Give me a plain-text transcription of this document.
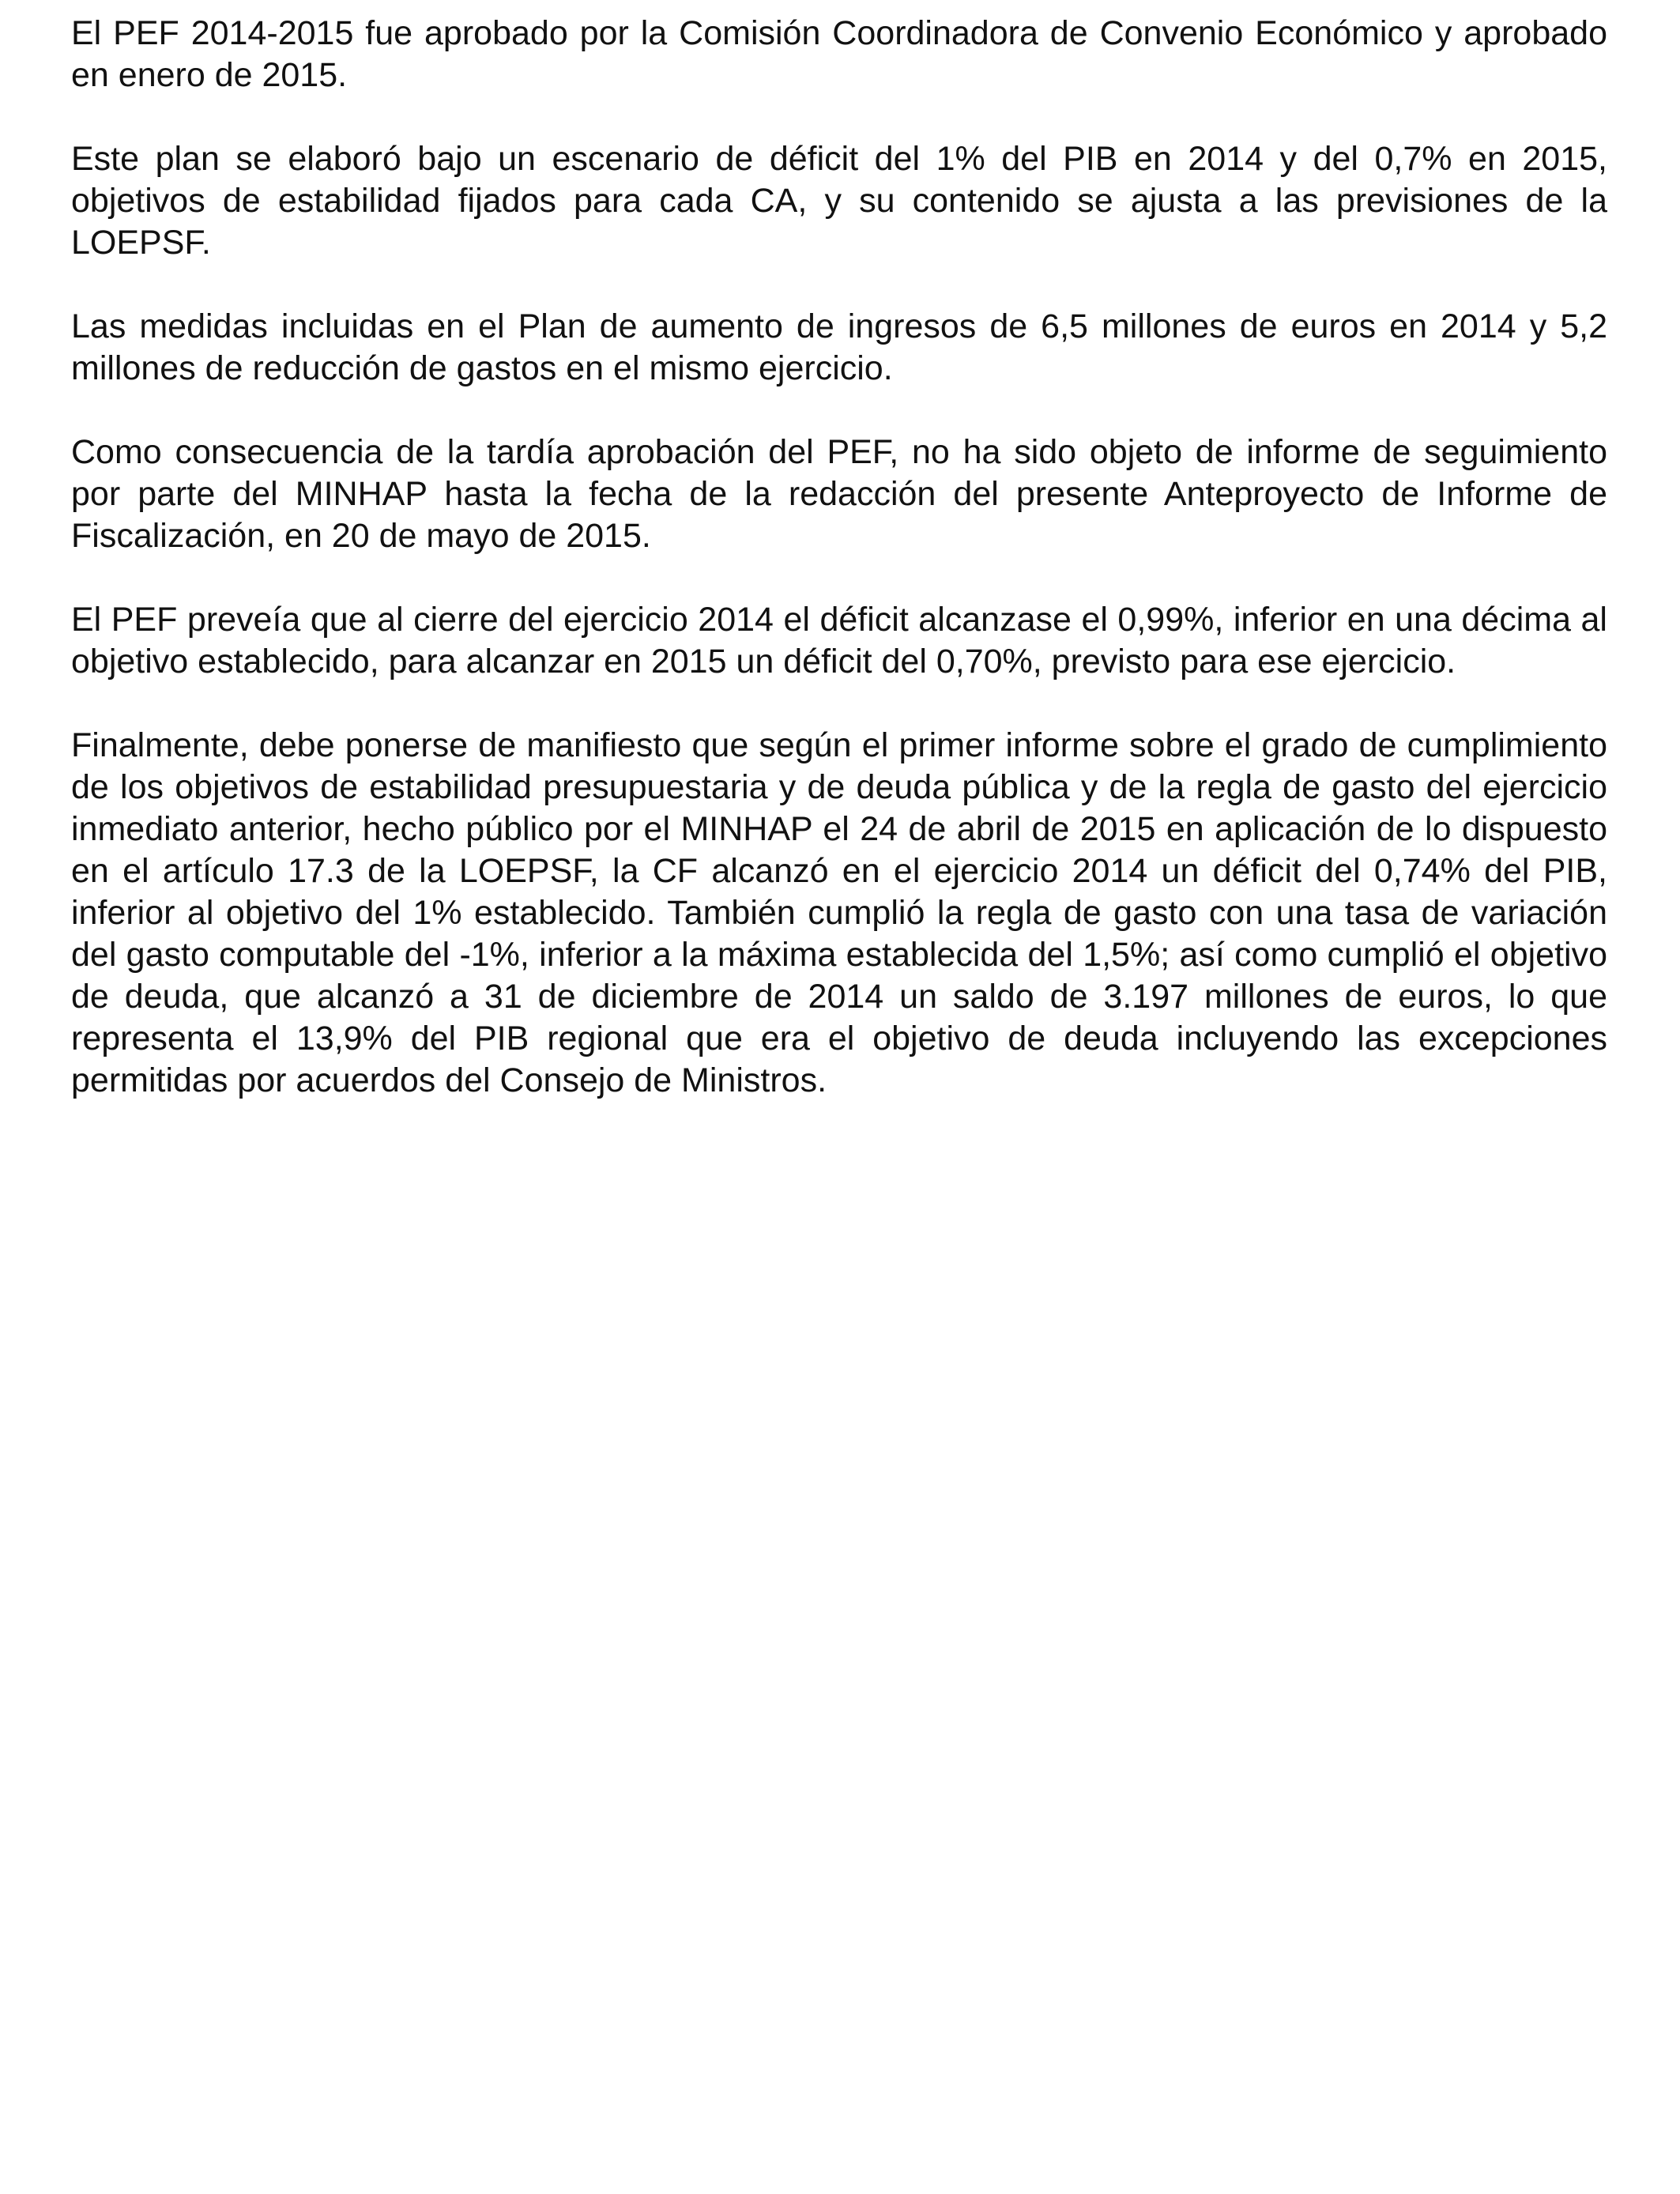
El PEF 2014-2015 fue aprobado por la Comisión Coordinadora de Convenio Económico y aprobado en enero de 2015.

Este plan se elaboró bajo un escenario de déficit del 1% del PIB en 2014 y del 0,7% en 2015, objetivos de estabilidad fijados para cada CA, y su contenido se ajusta a las previsiones de la LOEPSF.

Las medidas incluidas en el Plan de aumento de ingresos de 6,5 millones de euros en 2014 y 5,2 millones de reducción de gastos en el mismo ejercicio.

Como consecuencia de la tardía aprobación del PEF, no ha sido objeto de informe de seguimiento por parte del MINHAP hasta la fecha de la redacción del presente Anteproyecto de Informe de Fiscalización, en 20 de mayo de 2015.

El PEF preveía que al cierre del ejercicio 2014 el déficit alcanzase el 0,99%, inferior en una décima al objetivo establecido, para alcanzar en 2015 un déficit del 0,70%, previsto para ese ejercicio.

Finalmente, debe ponerse de manifiesto que según el primer informe sobre el grado de cumplimiento de los objetivos de estabilidad presupuestaria y de deuda pública y de la regla de gasto del ejercicio inmediato anterior, hecho público por el MINHAP el 24 de abril de 2015 en aplicación de lo dispuesto en el artículo 17.3 de la LOEPSF, la CF alcanzó en el ejercicio 2014 un déficit del 0,74% del PIB, inferior al objetivo del 1% establecido. También cumplió la regla de gasto con una tasa de variación del gasto computable del -1%, inferior a la máxima establecida del 1,5%; así como cumplió el objetivo de deuda, que alcanzó a 31 de diciembre de 2014 un saldo de 3.197 millones de euros, lo que representa el 13,9% del PIB regional que era el objetivo de deuda incluyendo las excepciones permitidas por acuerdos del Consejo de Ministros.
